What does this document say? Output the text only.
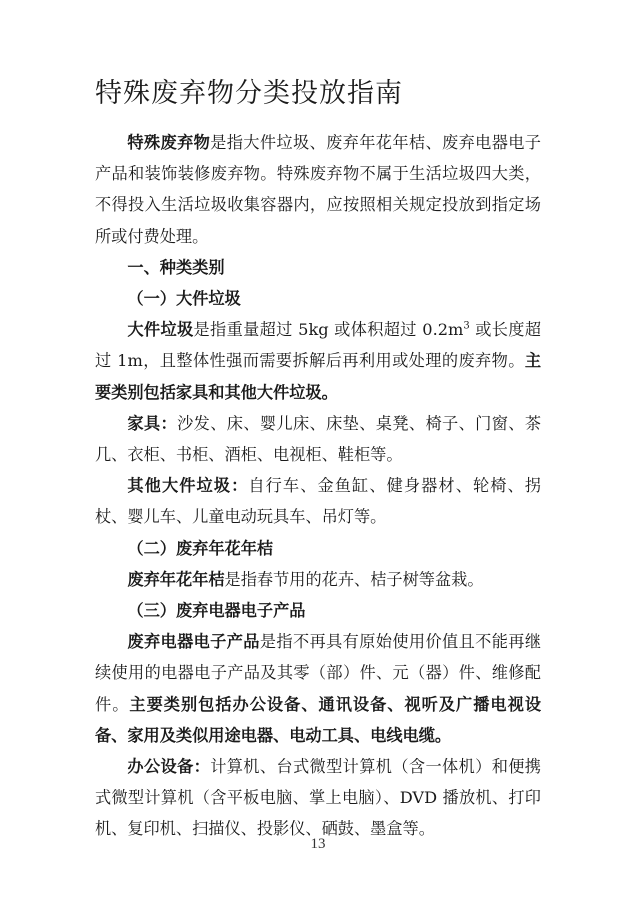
特殊废弃物分类投放指南

特殊废弃物是指大件垃圾、废弃年花年桔、废弃电器电子产品和装饰装修废弃物。特殊废弃物不属于生活垃圾四大类，不得投入生活垃圾收集容器内，应按照相关规定投放到指定场所或付费处理。

一、种类类别

（一）大件垃圾

大件垃圾是指重量超过 5kg 或体积超过 $0.2m^3$ 或长度超过 1m，且整体性强而需要拆解后再利用或处理的废弃物。主要类别包括家具和其他大件垃圾。

家具：沙发、床、婴儿床、床垫、桌凳、椅子、门窗、茶几、衣柜、书柜、酒柜、电视柜、鞋柜等。

其他大件垃圾：自行车、金鱼缸、健身器材、轮椅、拐杖、婴儿车、儿童电动玩具车、吊灯等。

（二）废弃年花年桔

废弃年花年桔是指春节用的花卉、桔子树等盆栽。

（三）废弃电器电子产品

废弃电器电子产品是指不再具有原始使用价值且不能再继续使用的电器电子产品及其零（部）件、元（器）件、维修配件。主要类别包括办公设备、通讯设备、视听及广播电视设备、家用及类似用途电器、电动工具、电线电缆。

办公设备：计算机、台式微型计算机（含一体机）和便携式微型计算机（含平板电脑、掌上电脑）、DVD 播放机、打印机、复印机、扫描仪、投影仪、硒鼓、墨盒等。

13
